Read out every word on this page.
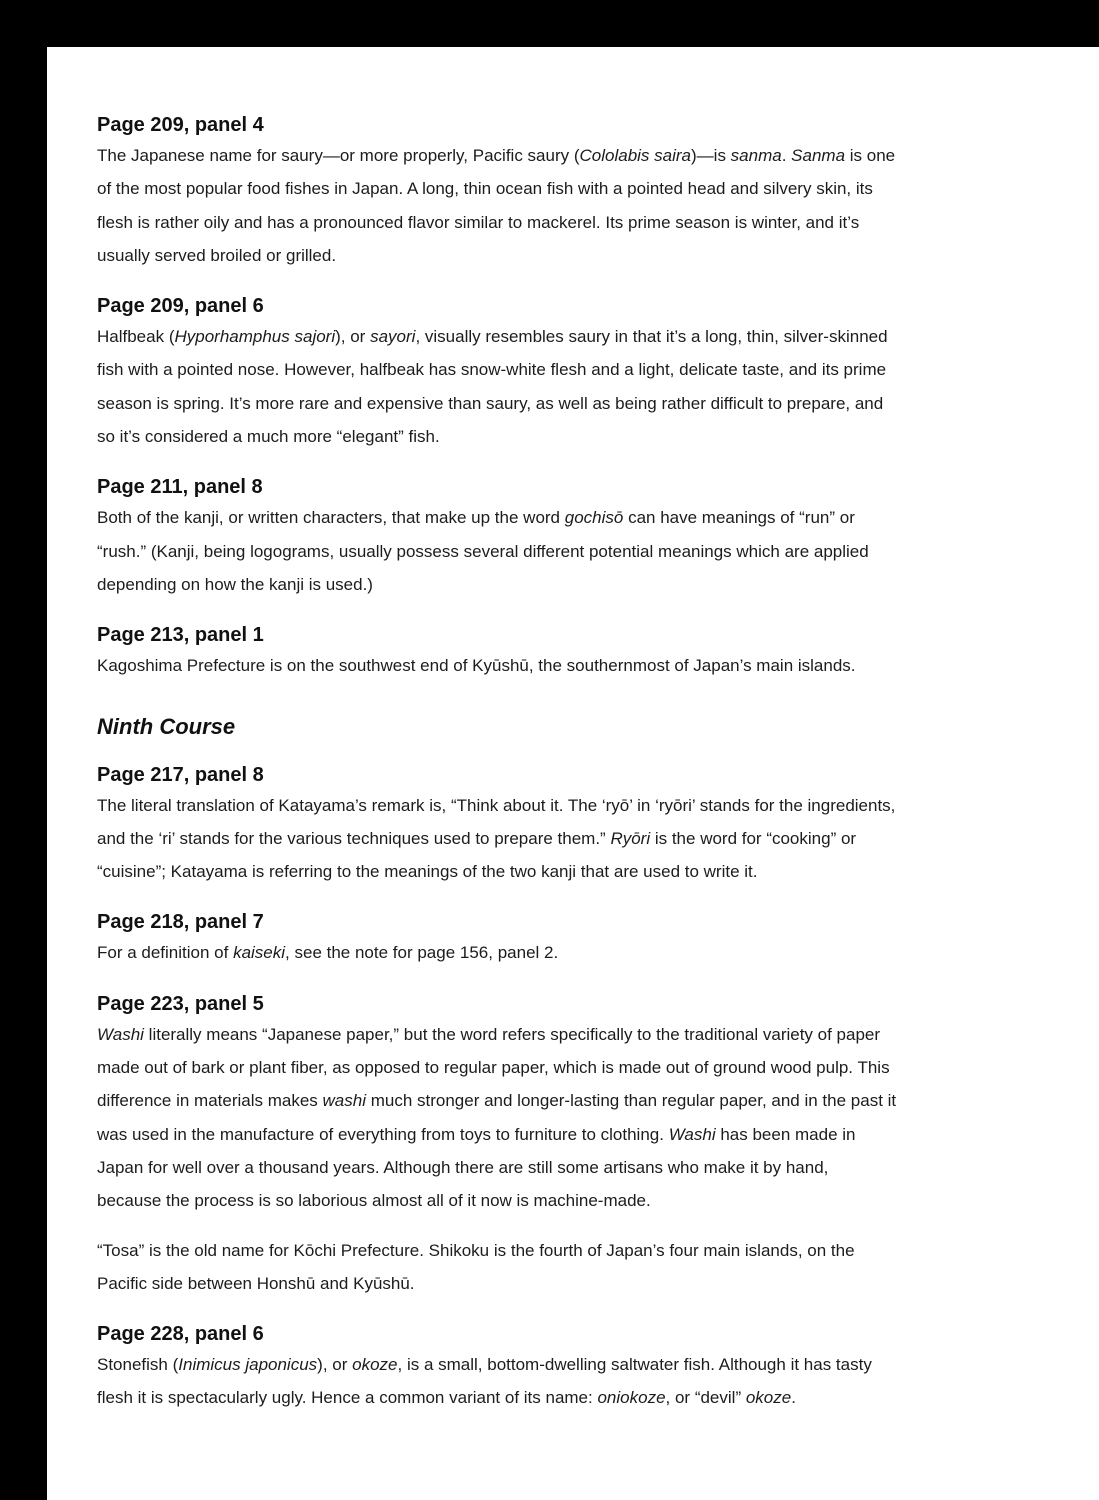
Page 209, panel 4

The Japanese name for saury—or more properly, Pacific saury (Cololabis saira)—is sanma. Sanma is one of the most popular food fishes in Japan. A long, thin ocean fish with a pointed head and silvery skin, its flesh is rather oily and has a pronounced flavor similar to mackerel. Its prime season is winter, and it’s usually served broiled or grilled.

Page 209, panel 6

Halfbeak (Hyporhamphus sajori), or sayori, visually resembles saury in that it’s a long, thin, silver-skinned fish with a pointed nose. However, halfbeak has snow-white flesh and a light, delicate taste, and its prime season is spring. It’s more rare and expensive than saury, as well as being rather difficult to prepare, and so it’s considered a much more “elegant” fish.

Page 211, panel 8

Both of the kanji, or written characters, that make up the word gochisō can have meanings of “run” or “rush.” (Kanji, being logograms, usually possess several different potential meanings which are applied depending on how the kanji is used.)

Page 213, panel 1

Kagoshima Prefecture is on the southwest end of Kyūshū, the southernmost of Japan’s main islands.

Ninth Course
Page 217, panel 8

The literal translation of Katayama’s remark is, “Think about it. The ‘ryō’ in ‘ryōri’ stands for the ingredients, and the ‘ri’ stands for the various techniques used to prepare them.” Ryōri is the word for “cooking” or “cuisine”; Katayama is referring to the meanings of the two kanji that are used to write it.

Page 218, panel 7

For a definition of kaiseki, see the note for page 156, panel 2.

Page 223, panel 5

Washi literally means “Japanese paper,” but the word refers specifically to the traditional variety of paper made out of bark or plant fiber, as opposed to regular paper, which is made out of ground wood pulp. This difference in materials makes washi much stronger and longer-lasting than regular paper, and in the past it was used in the manufacture of everything from toys to furniture to clothing. Washi has been made in Japan for well over a thousand years. Although there are still some artisans who make it by hand, because the process is so laborious almost all of it now is machine-made.

“Tosa” is the old name for Kōchi Prefecture. Shikoku is the fourth of Japan’s four main islands, on the Pacific side between Honshū and Kyūshū.

Page 228, panel 6

Stonefish (Inimicus japonicus), or okoze, is a small, bottom-dwelling saltwater fish. Although it has tasty flesh it is spectacularly ugly. Hence a common variant of its name: oniokoze, or “devil” okoze.
